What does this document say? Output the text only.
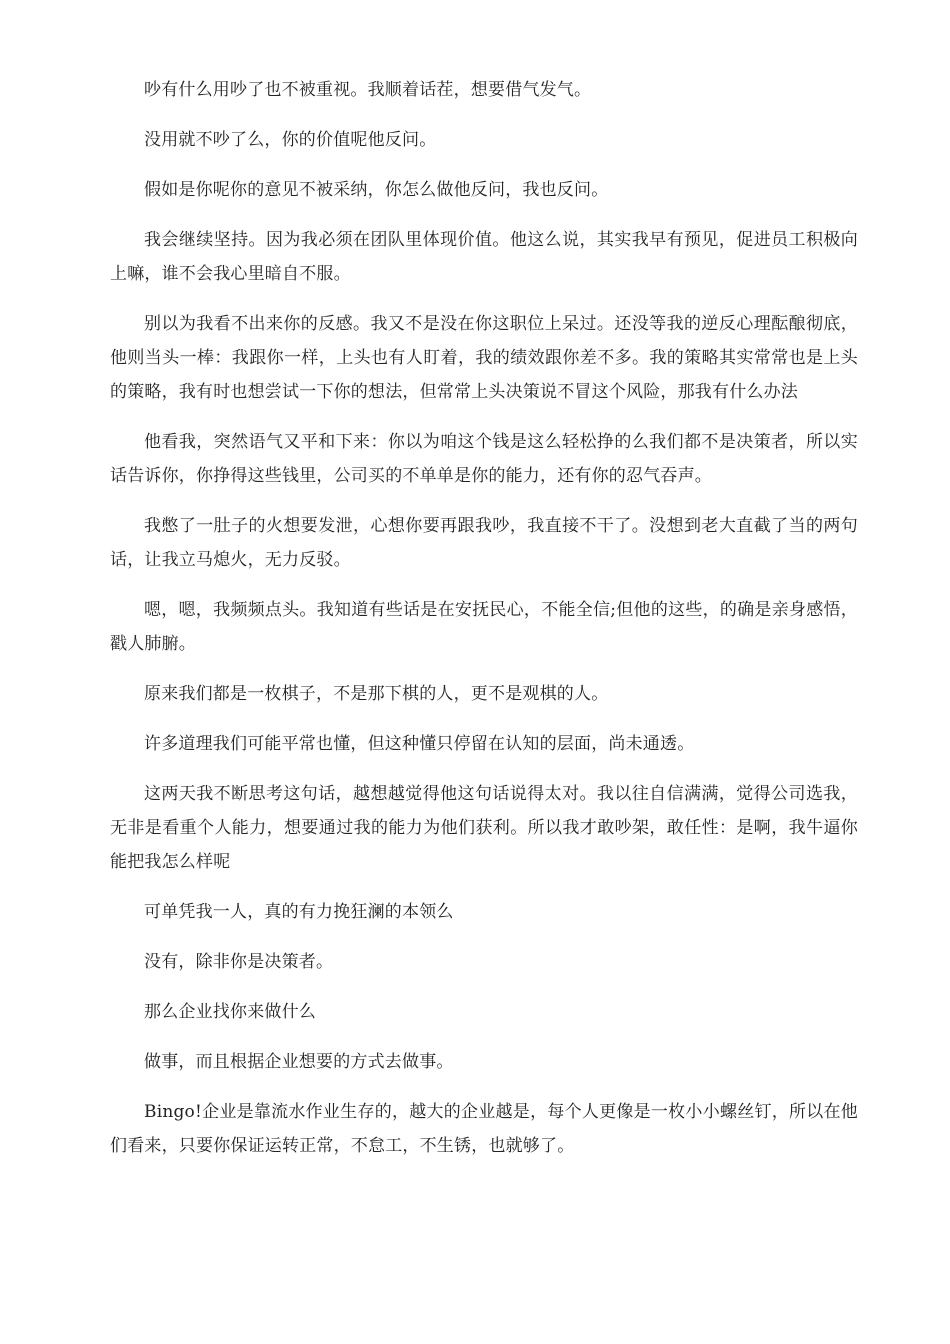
吵有什么用吵了也不被重视。我顺着话茬，想要借气发气。

没用就不吵了么，你的价值呢他反问。

假如是你呢你的意见不被采纳，你怎么做他反问，我也反问。

我会继续坚持。因为我必须在团队里体现价值。他这么说，其实我早有预见，促进员工积极向上嘛，谁不会我心里暗自不服。

别以为我看不出来你的反感。我又不是没在你这职位上呆过。还没等我的逆反心理酝酿彻底，他则当头一棒：我跟你一样，上头也有人盯着，我的绩效跟你差不多。我的策略其实常常也是上头的策略，我有时也想尝试一下你的想法，但常常上头决策说不冒这个风险，那我有什么办法

他看我，突然语气又平和下来：你以为咱这个钱是这么轻松挣的么我们都不是决策者，所以实话告诉你，你挣得这些钱里，公司买的不单单是你的能力，还有你的忍气吞声。

我憋了一肚子的火想要发泄，心想你要再跟我吵，我直接不干了。没想到老大直截了当的两句话，让我立马熄火，无力反驳。

嗯，嗯，我频频点头。我知道有些话是在安抚民心，不能全信;但他的这些，的确是亲身感悟，戳人肺腑。

原来我们都是一枚棋子，不是那下棋的人，更不是观棋的人。

许多道理我们可能平常也懂，但这种懂只停留在认知的层面，尚未通透。

这两天我不断思考这句话，越想越觉得他这句话说得太对。我以往自信满满，觉得公司选我，无非是看重个人能力，想要通过我的能力为他们获利。所以我才敢吵架，敢任性：是啊，我牛逼你能把我怎么样呢

可单凭我一人，真的有力挽狂澜的本领么

没有，除非你是决策者。

那么企业找你来做什么

做事，而且根据企业想要的方式去做事。

Bingo!企业是靠流水作业生存的，越大的企业越是，每个人更像是一枚小小螺丝钉，所以在他们看来，只要你保证运转正常，不怠工，不生锈，也就够了。
